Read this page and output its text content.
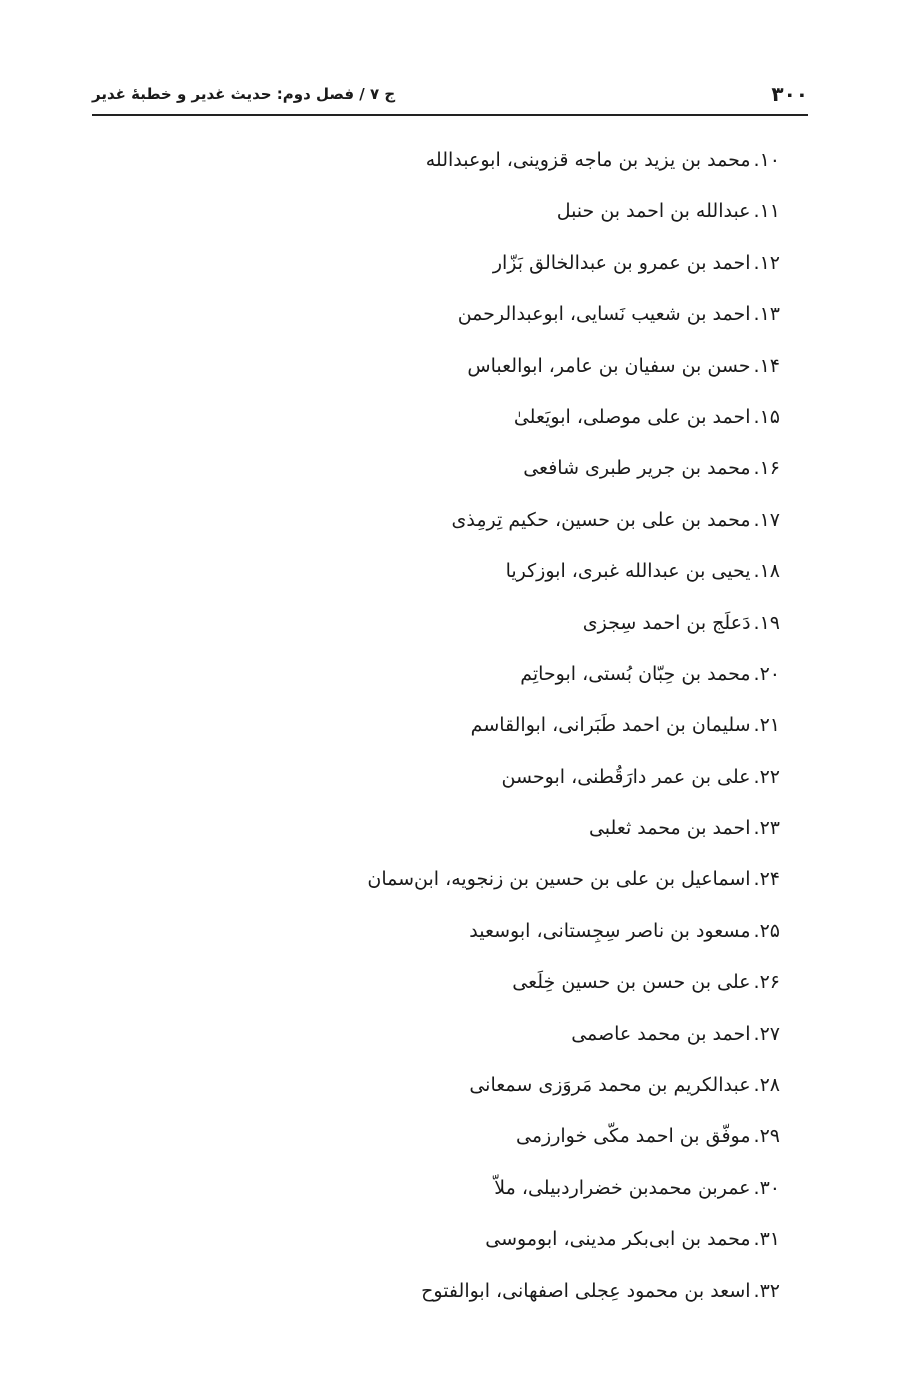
۳۰۰
ج ۷ / فصل دوم: حدیث غدیر و خطبهٔ غدیر
۱۰.محمد بن یزید بن ماجه قزوینی، ابوعبدالله
۱۱.عبدالله بن احمد بن حنبل
۱۲.احمد بن عمرو بن عبدالخالق بَزّار
۱۳.احمد بن شعیب نَسایی، ابوعبدالرحمن
۱۴.حسن بن سفیان بن عامر، ابوالعباس
۱۵.احمد بن علی موصلی، ابویَعلیٰ
۱۶.محمد بن جریر طبری شافعی
۱۷.محمد بن علی بن حسین، حکیم تِرمِذی
۱۸.یحیی بن عبدالله غبری، ابوزکریا
۱۹.دَعلَج بن احمد سِجزی
۲۰.محمد بن حِبّان بُستی، ابوحاتِم
۲۱.سلیمان بن احمد طَبَرانی، ابوالقاسم
۲۲.علی بن عمر دارَقُطنی، ابوحسن
۲۳.احمد بن محمد ثعلبی
۲۴.اسماعیل بن علی بن حسین بن زنجویه، ابن‌سمان
۲۵.مسعود بن ناصر سِجِستانی، ابوسعید
۲۶.علی بن حسن بن حسین خِلَعی
۲۷.احمد بن محمد عاصمی
۲۸.عبدالکریم بن محمد مَروَزی سمعانی
۲۹.موفّق بن احمد مکّی خوارزمی
۳۰.عمربن محمدبن خضراردبیلی، ملاّ
۳۱.محمد بن ابی‌بکر مدینی، ابوموسی
۳۲.اسعد بن محمود عِجلی اصفهانی، ابوالفتوح
